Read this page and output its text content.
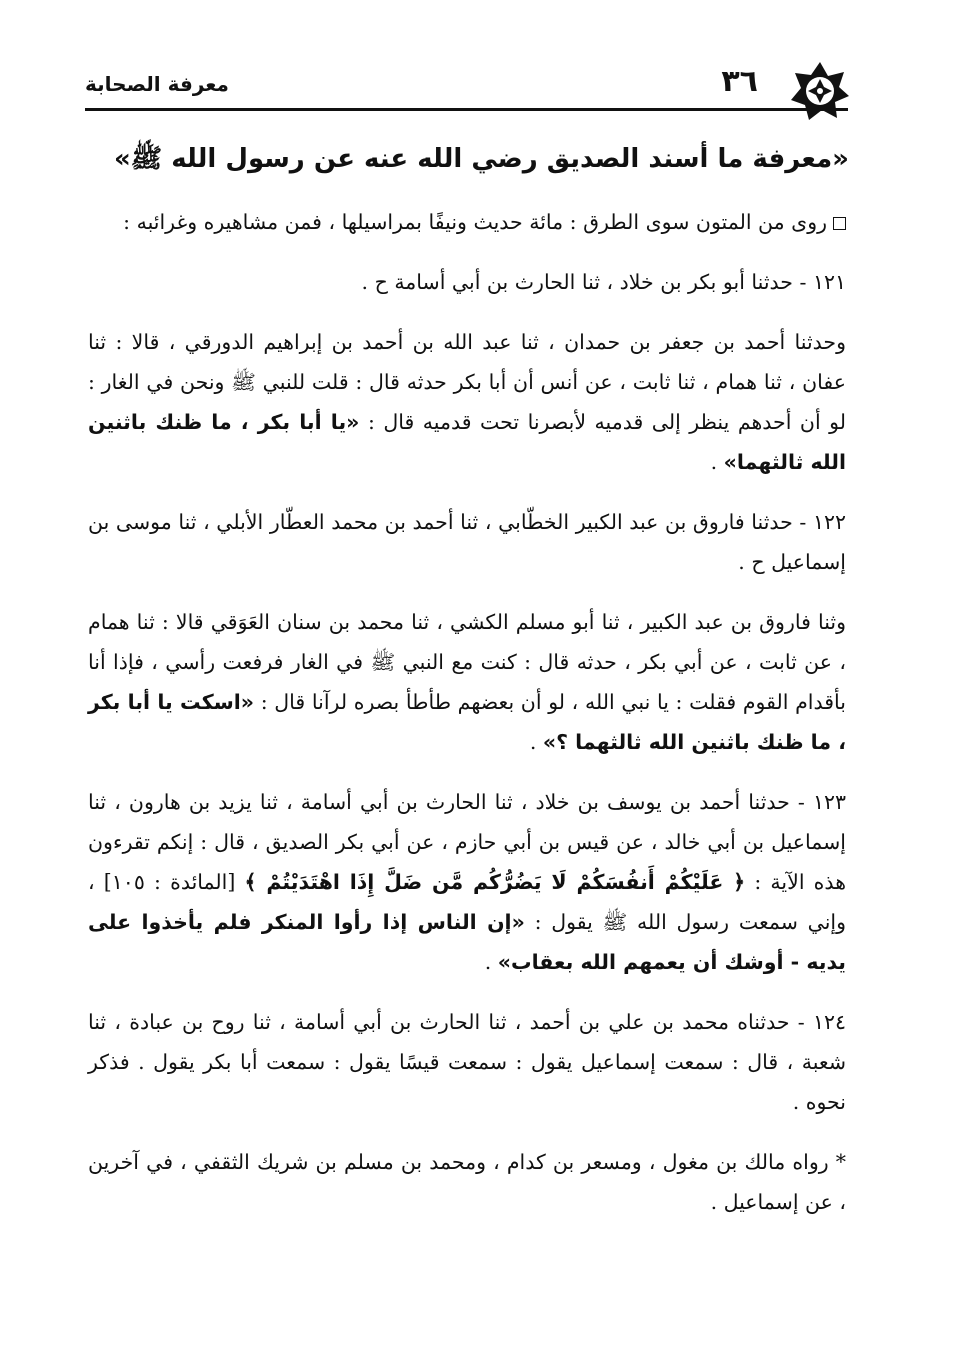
٣٦
معرفة الصحابة
«معرفة ما أسند الصديق رضي الله عنه عن رسول الله ﷺ»

روى من المتون سوى الطرق : مائة حديث ونيفًا بمراسيلها ، فمن مشاهيره وغرائبه :

١٢١ - حدثنا أبو بكر بن خلاد ، ثنا الحارث بن أبي أسامة ح .

وحدثنا أحمد بن جعفر بن حمدان ، ثنا عبد الله بن أحمد بن إبراهيم الدورقي ، قالا : ثنا عفان ، ثنا همام ، ثنا ثابت ، عن أنس أن أبا بكر حدثه قال : قلت للنبي ﷺ ونحن في الغار : لو أن أحدهم ينظر إلى قدميه لأبصرنا تحت قدميه قال : «يا أبا بكر ، ما ظنك باثنين الله ثالثهما» .

١٢٢ - حدثنا فاروق بن عبد الكبير الخطّابي ، ثنا أحمد بن محمد العطّار الأبلي ، ثنا موسى بن إسماعيل ح .

وثنا فاروق بن عبد الكبير ، ثنا أبو مسلم الكشي ، ثنا محمد بن سنان العَوَقي قالا : ثنا همام ، عن ثابت ، عن أبي بكر ، حدثه قال : كنت مع النبي ﷺ في الغار فرفعت رأسي ، فإذا أنا بأقدام القوم فقلت : يا نبي الله ، لو أن بعضهم طأطأ بصره لرآنا قال : «اسكت يا أبا بكر ، ما ظنك باثنين الله ثالثهما ؟» .

١٢٣ - حدثنا أحمد بن يوسف بن خلاد ، ثنا الحارث بن أبي أسامة ، ثنا يزيد بن هارون ، ثنا إسماعيل بن أبي خالد ، عن قيس بن أبي حازم ، عن أبي بكر الصديق ، قال : إنكم تقرءون هذه الآية : ﴿ عَلَيْكُمْ أَنفُسَكُمْ لَا يَضُرُّكُم مَّن ضَلَّ إِذَا اهْتَدَيْتُمْ ﴾ [المائدة : ١٠٥] ، وإني سمعت رسول الله ﷺ يقول : «إن الناس إذا رأوا المنكر فلم يأخذوا على يديه - أوشك أن يعمهم الله بعقاب» .

١٢٤ - حدثناه محمد بن علي بن أحمد ، ثنا الحارث بن أبي أسامة ، ثنا روح بن عبادة ، ثنا شعبة ، قال : سمعت إسماعيل يقول : سمعت قيسًا يقول : سمعت أبا بكر يقول . فذكر نحوه .

* رواه مالك بن مغول ، ومسعر بن كدام ، ومحمد بن مسلم بن شريك الثقفي ، في آخرين ، عن إسماعيل .
